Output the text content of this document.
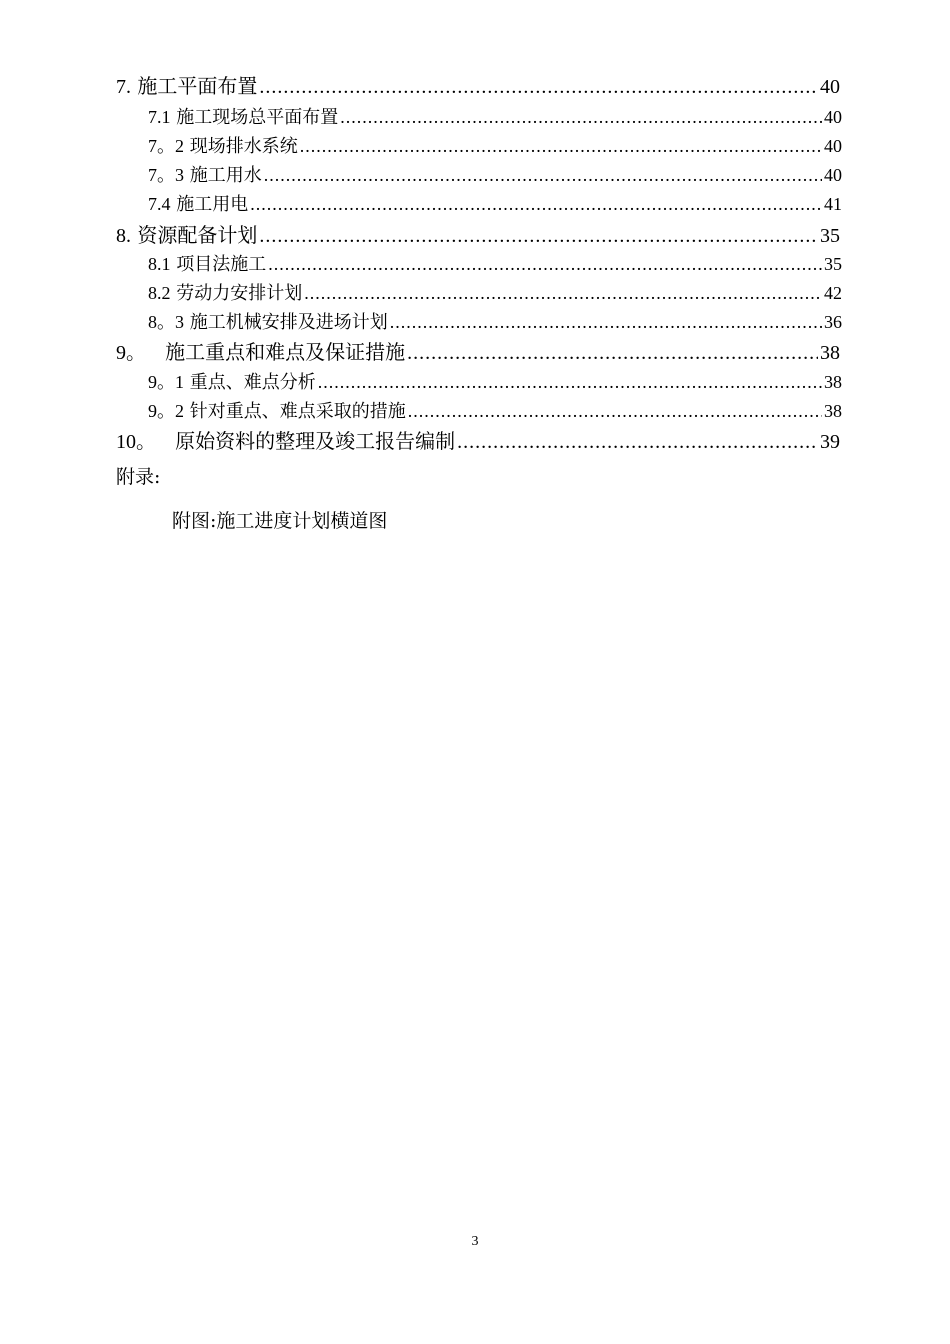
7. 施工平面布置 .....	40
7.1 施工现场总平面布置 .....	40
7。2 现场排水系统 .....	40
7。3 施工用水 .....	40
7.4 施工用电 .....	41
8. 资源配备计划 .....	35
8.1 项目法施工 .....	35
8.2 劳动力安排计划 .....	42
8。3 施工机械安排及进场计划 .....	36
9。 施工重点和难点及保证措施 .....	38
9。1 重点、难点分析 .....	38
9。2 针对重点、难点采取的措施 .....	38
10。 原始资料的整理及竣工报告编制 .....	39
附录:
附图:施工进度计划横道图
3
